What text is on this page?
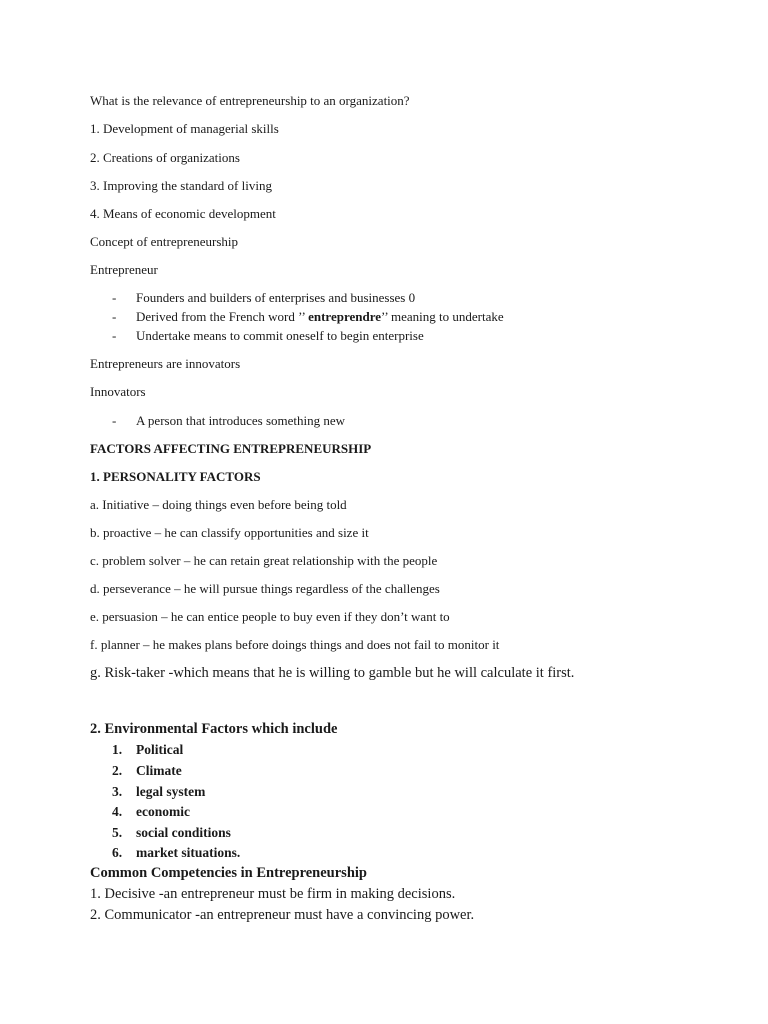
What is the relevance of entrepreneurship to an organization?
1. Development of managerial skills
2. Creations of organizations
3. Improving the standard of living
4. Means of economic development
Concept of entrepreneurship
Entrepreneur
- Founders and builders of enterprises and businesses 0
- Derived from the French word ’’ entreprendre’’ meaning to undertake
- Undertake means to commit oneself to begin enterprise
Entrepreneurs are innovators
Innovators
- A person that introduces something new
FACTORS AFFECTING ENTREPRENEURSHIP
1. PERSONALITY FACTORS
a. Initiative – doing things even before being told
b. proactive – he can classify opportunities and size it
c. problem solver – he can retain great relationship with the people
d. perseverance – he will pursue things regardless of the challenges
e. persuasion – he can entice people to buy even if they don’t want to
f. planner – he makes plans before doings things and does not fail to monitor it
g. Risk-taker -which means that he is willing to gamble but he will calculate it first.
2. Environmental Factors which include
1. Political
2. Climate
3. legal system
4. economic
5. social conditions
6. market situations.
Common Competencies in Entrepreneurship
1. Decisive -an entrepreneur must be firm in making decisions.
2. Communicator -an entrepreneur must have a convincing power.
